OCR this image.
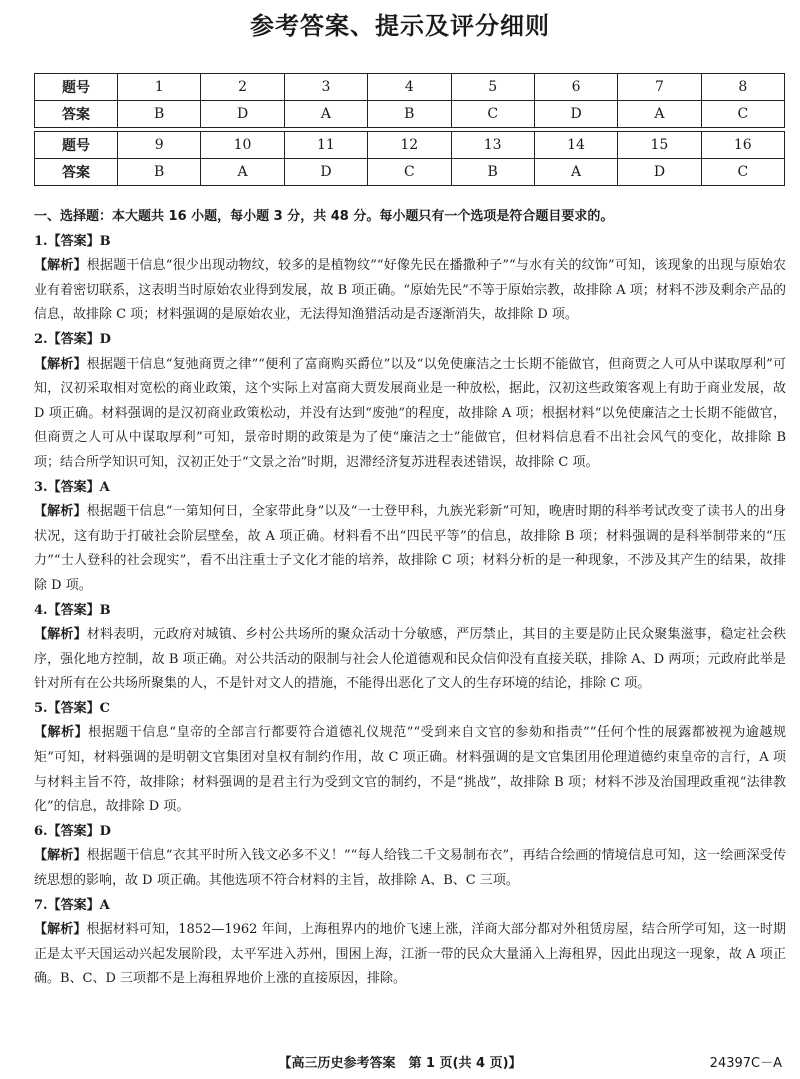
参考答案、提示及评分细则
题号	1	2	3	4	5	6	7	8
答案	B	D	A	B	C	D	A	C

题号	9	10	11	12	13	14	15	16
答案	B	A	D	C	B	A	D	C

一、选择题：本大题共 16 小题，每小题 3 分，共 48 分。每小题只有一个选项是符合题目要求的。

1.【答案】B

【解析】根据题干信息“很少出现动物纹，较多的是植物纹”“好像先民在播撒种子”“与水有关的纹饰”可知，该现象的出现与原始农业有着密切联系，这表明当时原始农业得到发展，故 B 项正确。“原始先民”不等于原始宗教，故排除 A 项；材料不涉及剩余产品的信息，故排除 C 项；材料强调的是原始农业，无法得知渔猎活动是否逐渐消失，故排除 D 项。

2.【答案】D

【解析】根据题干信息“复弛商贾之律”“便利了富商购买爵位”以及“以免使廉洁之士长期不能做官，但商贾之人可从中谋取厚利”可知，汉初采取相对宽松的商业政策，这个实际上对富商大贾发展商业是一种放松，据此，汉初这些政策客观上有助于商业发展，故 D 项正确。材料强调的是汉初商业政策松动，并没有达到“废弛”的程度，故排除 A 项；根据材料“以免使廉洁之士长期不能做官，但商贾之人可从中谋取厚利”可知，景帝时期的政策是为了使“廉洁之士”能做官，但材料信息看不出社会风气的变化，故排除 B 项；结合所学知识可知，汉初正处于“文景之治”时期，迟滞经济复苏进程表述错误，故排除 C 项。

3.【答案】A

【解析】根据题干信息“一第知何日，全家带此身”以及“一士登甲科，九族光彩新”可知，晚唐时期的科举考试改变了读书人的出身状况，这有助于打破社会阶层壁垒，故 A 项正确。材料看不出“四民平等”的信息，故排除 B 项；材料强调的是科举制带来的“压力”“士人登科的社会现实”，看不出注重士子文化才能的培养，故排除 C 项；材料分析的是一种现象，不涉及其产生的结果，故排除 D 项。

4.【答案】B

【解析】材料表明，元政府对城镇、乡村公共场所的聚众活动十分敏感，严厉禁止，其目的主要是防止民众聚集滋事，稳定社会秩序，强化地方控制，故 B 项正确。对公共活动的限制与社会人伦道德观和民众信仰没有直接关联，排除 A、D 两项；元政府此举是针对所有在公共场所聚集的人，不是针对文人的措施，不能得出恶化了文人的生存环境的结论，排除 C 项。

5.【答案】C

【解析】根据题干信息“皇帝的全部言行都要符合道德礼仪规范”“受到来自文官的参劾和指责”“任何个性的展露都被视为逾越规矩”可知，材料强调的是明朝文官集团对皇权有制约作用，故 C 项正确。材料强调的是文官集团用伦理道德约束皇帝的言行，A 项与材料主旨不符，故排除；材料强调的是君主行为受到文官的制约，不是“挑战”，故排除 B 项；材料不涉及治国理政重视“法律教化”的信息，故排除 D 项。

6.【答案】D

【解析】根据题干信息“衣其平时所入钱文必多不义！”“每人给钱二千文易制布衣”，再结合绘画的情境信息可知，这一绘画深受传统思想的影响，故 D 项正确。其他选项不符合材料的主旨，故排除 A、B、C 三项。

7.【答案】A

【解析】根据材料可知，1852—1962 年间，上海租界内的地价飞速上涨，洋商大部分都对外租赁房屋，结合所学可知，这一时期正是太平天国运动兴起发展阶段，太平军进入苏州，围困上海，江浙一带的民众大量涌入上海租界，因此出现这一现象，故 A 项正确。B、C、D 三项都不是上海租界地价上涨的直接原因，排除。

【高三历史参考答案　第 1 页(共 4 页)】	24397C－A
